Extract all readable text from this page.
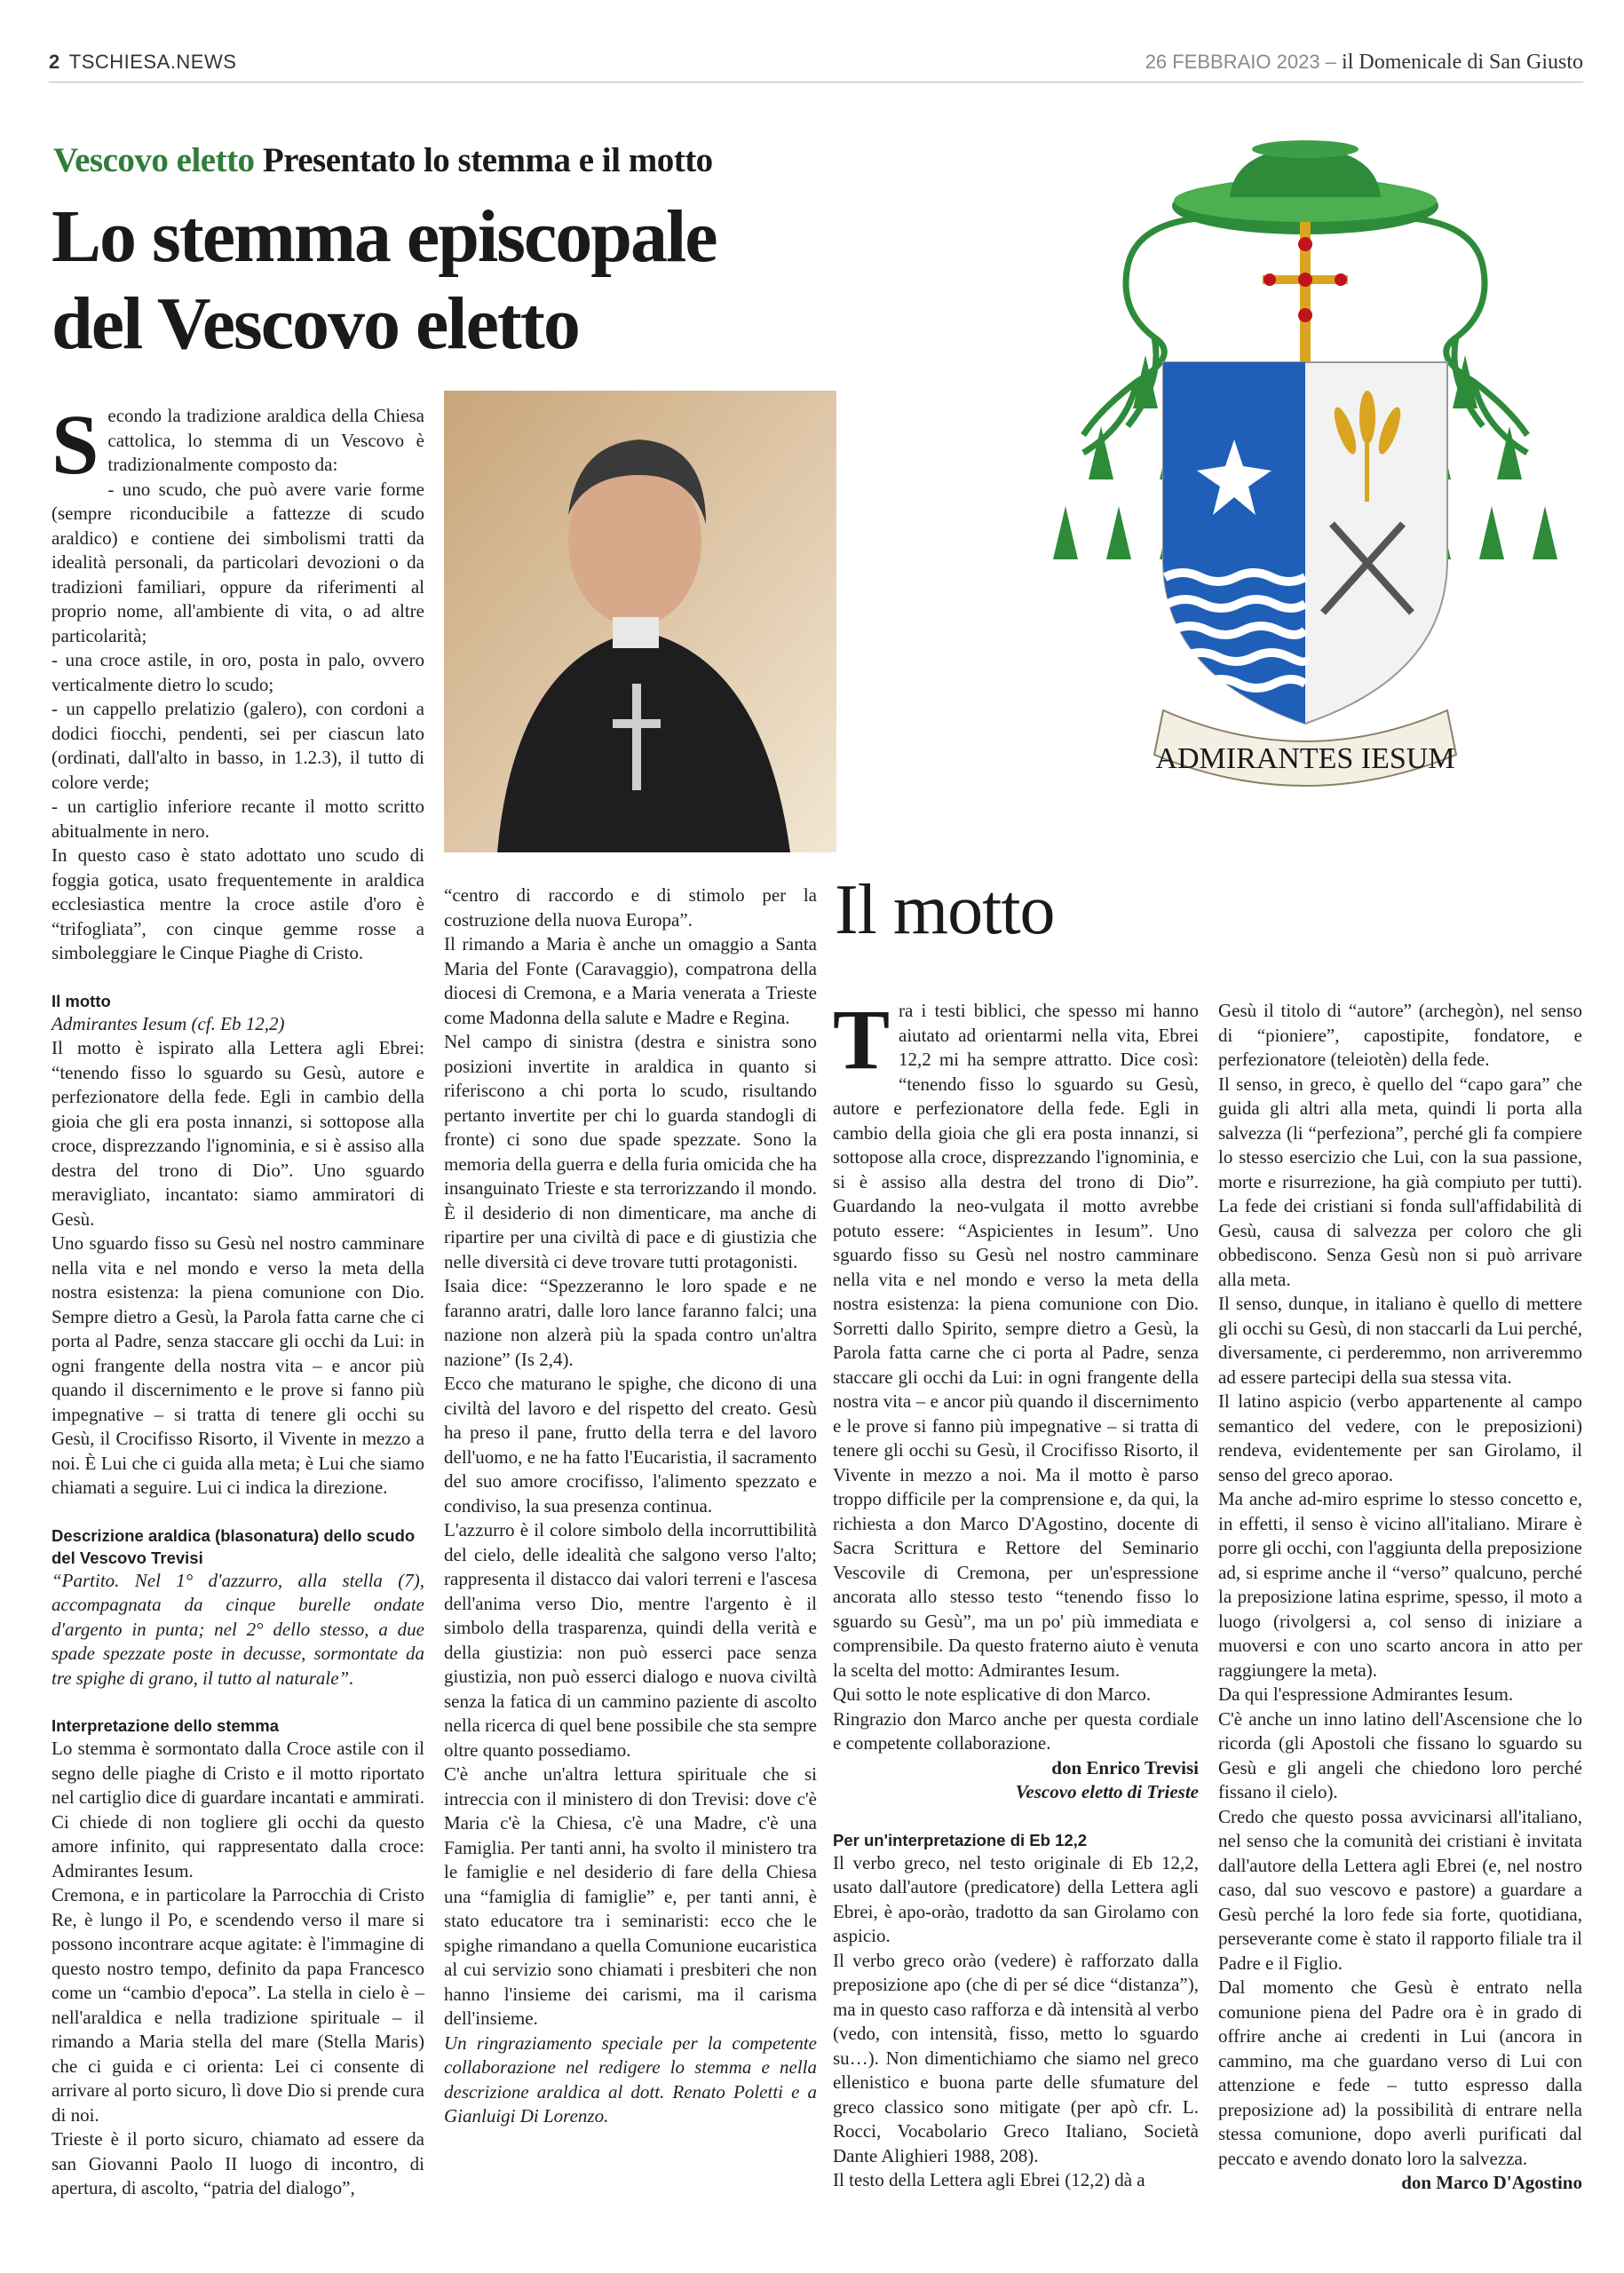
2 TSCHIESA.NEWS	26 FEBBRAIO 2023 – il Domenicale di San Giusto
Vescovo eletto Presentato lo stemma e il motto
Lo stemma episcopale
del Vescovo eletto
ADMIRANTES IESUM
S econdo la tradizione araldica della Chiesa cattolica, lo stemma di un Vescovo è tradizionalmente composto da:

- uno scudo, che può avere varie forme (sempre riconducibile a fattezze di scudo araldico) e contiene dei simbolismi tratti da idealità personali, da particolari devozioni o da tradizioni familiari, oppure da riferimenti al proprio nome, all'ambiente di vita, o ad altre particolarità;

- una croce astile, in oro, posta in palo, ovvero verticalmente dietro lo scudo;

- un cappello prelatizio (galero), con cordoni a dodici fiocchi, pendenti, sei per ciascun lato (ordinati, dall'alto in basso, in 1.2.3), il tutto di colore verde;

- un cartiglio inferiore recante il motto scritto abitualmente in nero.

In questo caso è stato adottato uno scudo di foggia gotica, usato frequentemente in araldica ecclesiastica mentre la croce astile d'oro è “trifogliata”, con cinque gemme rosse a simboleggiare le Cinque Piaghe di Cristo.

Il motto

Admirantes Iesum (cf. Eb 12,2)

Il motto è ispirato alla Lettera agli Ebrei: “tenendo fisso lo sguardo su Gesù, autore e perfezionatore della fede. Egli in cambio della gioia che gli era posta innanzi, si sottopose alla croce, disprezzando l'ignominia, e si è assiso alla destra del trono di Dio”. Uno sguardo meravigliato, incantato: siamo ammiratori di Gesù.

Uno sguardo fisso su Gesù nel nostro camminare nella vita e nel mondo e verso la meta della nostra esistenza: la piena comunione con Dio. Sempre dietro a Gesù, la Parola fatta carne che ci porta al Padre, senza staccare gli occhi da Lui: in ogni frangente della nostra vita – e ancor più quando il discernimento e le prove si fanno più impegnative – si tratta di tenere gli occhi su Gesù, il Crocifisso Risorto, il Vivente in mezzo a noi. È Lui che ci guida alla meta; è Lui che siamo chiamati a seguire. Lui ci indica la direzione.

Descrizione araldica (blasonatura) dello scudo del Vescovo Trevisi

“Partito. Nel 1° d'azzurro, alla stella (7), accompagnata da cinque burelle ondate d'argento in punta; nel 2° dello stesso, a due spade spezzate poste in decusse, sormontate da tre spighe di grano, il tutto al naturale”.

Interpretazione dello stemma

Lo stemma è sormontato dalla Croce astile con il segno delle piaghe di Cristo e il motto riportato nel cartiglio dice di guardare incantati e ammirati. Ci chiede di non togliere gli occhi da questo amore infinito, qui rappresentato dalla croce: Admirantes Iesum.

Cremona, e in particolare la Parrocchia di Cristo Re, è lungo il Po, e scendendo verso il mare si possono incontrare acque agitate: è l'immagine di questo nostro tempo, definito da papa Francesco come un “cambio d'epoca”. La stella in cielo è – nell'araldica e nella tradizione spirituale – il rimando a Maria stella del mare (Stella Maris) che ci guida e ci orienta: Lei ci consente di arrivare al porto sicuro, lì dove Dio si prende cura di noi.

Trieste è il porto sicuro, chiamato ad essere da san Giovanni Paolo II luogo di incontro, di apertura, di ascolto, “patria del dialogo”,

“centro di raccordo e di stimolo per la costruzione della nuova Europa”.

Il rimando a Maria è anche un omaggio a Santa Maria del Fonte (Caravaggio), compatrona della diocesi di Cremona, e a Maria venerata a Trieste come Madonna della salute e Madre e Regina.

Nel campo di sinistra (destra e sinistra sono posizioni invertite in araldica in quanto si riferiscono a chi porta lo scudo, risultando pertanto invertite per chi lo guarda standogli di fronte) ci sono due spade spezzate. Sono la memoria della guerra e della furia omicida che ha insanguinato Trieste e sta terrorizzando il mondo. È il desiderio di non dimenticare, ma anche di ripartire per una civiltà di pace e di giustizia che nelle diversità ci deve trovare tutti protagonisti.

Isaia dice: “Spezzeranno le loro spade e ne faranno aratri, dalle loro lance faranno falci; una nazione non alzerà più la spada contro un'altra nazione” (Is 2,4).

Ecco che maturano le spighe, che dicono di una civiltà del lavoro e del rispetto del creato. Gesù ha preso il pane, frutto della terra e del lavoro dell'uomo, e ne ha fatto l'Eucaristia, il sacramento del suo amore crocifisso, l'alimento spezzato e condiviso, la sua presenza continua.

L'azzurro è il colore simbolo della incorruttibilità del cielo, delle idealità che salgono verso l'alto; rappresenta il distacco dai valori terreni e l'ascesa dell'anima verso Dio, mentre l'argento è il simbolo della trasparenza, quindi della verità e della giustizia: non può esserci pace senza giustizia, non può esserci dialogo e nuova civiltà senza la fatica di un cammino paziente di ascolto nella ricerca di quel bene possibile che sta sempre oltre quanto possediamo.

C'è anche un'altra lettura spirituale che si intreccia con il ministero di don Trevisi: dove c'è Maria c'è la Chiesa, c'è una Madre, c'è una Famiglia. Per tanti anni, ha svolto il ministero tra le famiglie e nel desiderio di fare della Chiesa una “famiglia di famiglie” e, per tanti anni, è stato educatore tra i seminaristi: ecco che le spighe rimandano a quella Comunione eucaristica al cui servizio sono chiamati i presbiteri che non hanno l'insieme dei carismi, ma il carisma dell'insieme.

Un ringraziamento speciale per la competente collaborazione nel redigere lo stemma e nella descrizione araldica al dott. Renato Poletti e a Gianluigi Di Lorenzo.

Il motto
T ra i testi biblici, che spesso mi hanno aiutato ad orientarmi nella vita, Ebrei 12,2 mi ha sempre attratto. Dice così: “tenendo fisso lo sguardo su Gesù, autore e perfezionatore della fede. Egli in cambio della gioia che gli era posta innanzi, si sottopose alla croce, disprezzando l'ignominia, e si è assiso alla destra del trono di Dio”. Guardando la neo-vulgata il motto avrebbe potuto essere: “Aspicientes in Iesum”. Uno sguardo fisso su Gesù nel nostro camminare nella vita e nel mondo e verso la meta della nostra esistenza: la piena comunione con Dio. Sorretti dallo Spirito, sempre dietro a Gesù, la Parola fatta carne che ci porta al Padre, senza staccare gli occhi da Lui: in ogni frangente della nostra vita – e ancor più quando il discernimento e le prove si fanno più impegnative – si tratta di tenere gli occhi su Gesù, il Crocifisso Risorto, il Vivente in mezzo a noi. Ma il motto è parso troppo difficile per la comprensione e, da qui, la richiesta a don Marco D'Agostino, docente di Sacra Scrittura e Rettore del Seminario Vescovile di Cremona, per un'espressione ancorata allo stesso testo “tenendo fisso lo sguardo su Gesù”, ma un po' più immediata e comprensibile. Da questo fraterno aiuto è venuta la scelta del motto: Admirantes Iesum.

Qui sotto le note esplicative di don Marco.

Ringrazio don Marco anche per questa cordiale e competente collaborazione.

don Enrico Trevisi

Vescovo eletto di Trieste

Per un'interpretazione di Eb 12,2

Il verbo greco, nel testo originale di Eb 12,2, usato dall'autore (predicatore) della Lettera agli Ebrei, è apo-orào, tradotto da san Girolamo con aspicio.

Il verbo greco orào (vedere) è rafforzato dalla preposizione apo (che di per sé dice “distanza”), ma in questo caso rafforza e dà intensità al verbo (vedo, con intensità, fisso, metto lo sguardo su…). Non dimentichiamo che siamo nel greco ellenistico e buona parte delle sfumature del greco classico sono mitigate (per apò cfr. L. Rocci, Vocabolario Greco Italiano, Società Dante Alighieri 1988, 208).

Il testo della Lettera agli Ebrei (12,2) dà a

Gesù il titolo di “autore” (archegòn), nel senso di “pioniere”, capostipite, fondatore, e perfezionatore (teleiotèn) della fede.

Il senso, in greco, è quello del “capo gara” che guida gli altri alla meta, quindi li porta alla salvezza (li “perfeziona”, perché gli fa compiere lo stesso esercizio che Lui, con la sua passione, morte e risurrezione, ha già compiuto per tutti). La fede dei cristiani si fonda sull'affidabilità di Gesù, causa di salvezza per coloro che gli obbediscono. Senza Gesù non si può arrivare alla meta.

Il senso, dunque, in italiano è quello di mettere gli occhi su Gesù, di non staccarli da Lui perché, diversamente, ci perderemmo, non arriveremmo ad essere partecipi della sua stessa vita.

Il latino aspicio (verbo appartenente al campo semantico del vedere, con le preposizioni) rendeva, evidentemente per san Girolamo, il senso del greco aporao.

Ma anche ad-miro esprime lo stesso concetto e, in effetti, il senso è vicino all'italiano. Mirare è porre gli occhi, con l'aggiunta della preposizione ad, si esprime anche il “verso” qualcuno, perché la preposizione latina esprime, spesso, il moto a luogo (rivolgersi a, col senso di iniziare a muoversi e con uno scarto ancora in atto per raggiungere la meta).

Da qui l'espressione Admirantes Iesum.

C'è anche un inno latino dell'Ascensione che lo ricorda (gli Apostoli che fissano lo sguardo su Gesù e gli angeli che chiedono loro perché fissano il cielo).

Credo che questo possa avvicinarsi all'italiano, nel senso che la comunità dei cristiani è invitata dall'autore della Lettera agli Ebrei (e, nel nostro caso, dal suo vescovo e pastore) a guardare a Gesù perché la loro fede sia forte, quotidiana, perseverante come è stato il rapporto filiale tra il Padre e il Figlio.

Dal momento che Gesù è entrato nella comunione piena del Padre ora è in grado di offrire anche ai credenti in Lui (ancora in cammino, ma che guardano verso di Lui con attenzione e fede – tutto espresso dalla preposizione ad) la possibilità di entrare nella stessa comunione, dopo averli purificati dal peccato e avendo donato loro la salvezza.

don Marco D'Agostino
